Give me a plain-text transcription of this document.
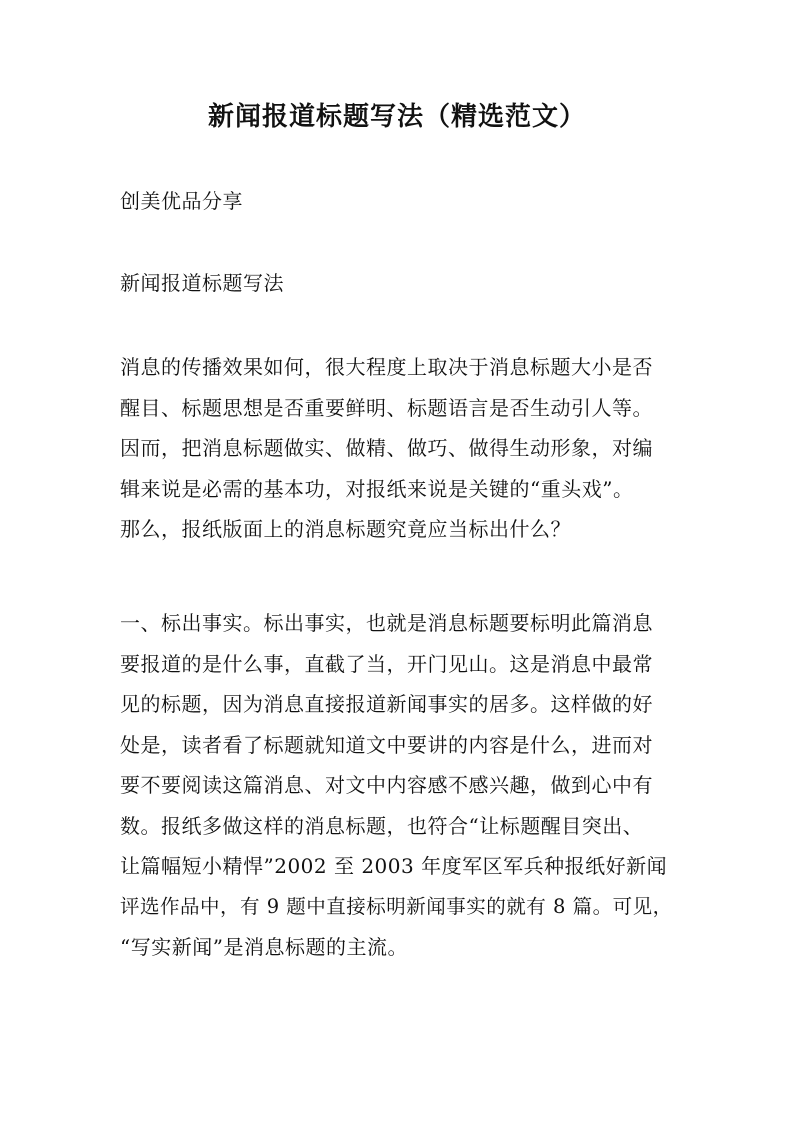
新闻报道标题写法（精选范文）

创美优品分享

新闻报道标题写法

消息的传播效果如何，很大程度上取决于消息标题大小是否
醒目、标题思想是否重要鲜明、标题语言是否生动引人等。
因而，把消息标题做实、做精、做巧、做得生动形象，对编
辑来说是必需的基本功，对报纸来说是关键的“重头戏”。
那么，报纸版面上的消息标题究竟应当标出什么？
一、标出事实。标出事实，也就是消息标题要标明此篇消息
要报道的是什么事，直截了当，开门见山。这是消息中最常
见的标题，因为消息直接报道新闻事实的居多。这样做的好
处是，读者看了标题就知道文中要讲的内容是什么，进而对
要不要阅读这篇消息、对文中内容感不感兴趣，做到心中有
数。报纸多做这样的消息标题，也符合“让标题醒目突出、
让篇幅短小精悍”2002 至 2003 年度军区军兵种报纸好新闻
评选作品中，有 9 题中直接标明新闻事实的就有 8 篇。可见，
“写实新闻”是消息标题的主流。
